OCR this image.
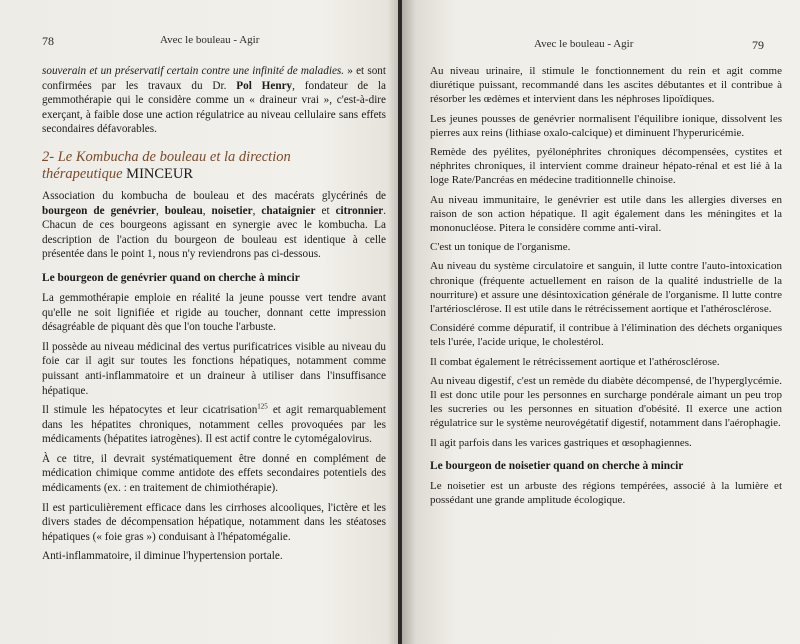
78	Avec le bouleau - Agir

souverain et un préservatif certain contre une infinité de maladies. » et sont confirmées par les travaux du Dr. Pol Henry, fondateur de la gemmothérapie qui le considère comme un « draineur vrai », c'est-à-dire exerçant, à faible dose une action régulatrice au niveau cellulaire sans effets secondaires défavorables.

2- Le Kombucha de bouleau et la direction
thérapeutique MINCEUR

Association du kombucha de bouleau et des macérats glycérinés de bourgeon de genévrier, bouleau, noisetier, chataignier et citronnier. Chacun de ces bourgeons agissant en synergie avec le kombucha. La description de l'action du bourgeon de bouleau est identique à celle présentée dans le point 1, nous n'y reviendrons pas ci-dessous.

Le bourgeon de genévrier quand on cherche à mincir

La gemmothérapie emploie en réalité la jeune pousse vert tendre avant qu'elle ne soit lignifiée et rigide au toucher, donnant cette impression désagréable de piquant dès que l'on touche l'arbuste.

Il possède au niveau médicinal des vertus purificatrices visible au niveau du foie car il agit sur toutes les fonctions hépatiques, notamment comme puissant anti-inflammatoire et un draineur à utiliser dans l'insuffisance hépatique.

Il stimule les hépatocytes et leur cicatrisation$^{125}$ et agit remarquablement dans les hépatites chroniques, notamment celles provoquées par les médicaments (hépatites iatrogènes). Il est actif contre le cytomégalovirus.

À ce titre, il devrait systématiquement être donné en complément de médication chimique comme antidote des effets secondaires potentiels des médicaments (ex. : en traitement de chimiothérapie).

Il est particulièrement efficace dans les cirrhoses alcooliques, l'ictère et les divers stades de décompensation hépatique, notamment dans les stéatoses hépatiques (« foie gras ») conduisant à l'hépatomégalie.

Anti-inflammatoire, il diminue l'hypertension portale.

Avec le bouleau - Agir	79

Au niveau urinaire, il stimule le fonctionnement du rein et agit comme diurétique puissant, recommandé dans les ascites débutantes et il contribue à résorber les œdèmes et intervient dans les néphroses lipoïdiques.

Les jeunes pousses de genévrier normalisent l'équilibre ionique, dissolvent les pierres aux reins (lithiase oxalo-calcique) et diminuent l'hyperuricémie.

Remède des pyélites, pyélonéphrites chroniques décompensées, cystites et néphrites chroniques, il intervient comme draineur hépato-rénal et est lié à la loge Rate/Pancréas en médecine traditionnelle chinoise.

Au niveau immunitaire, le genévrier est utile dans les allergies diverses en raison de son action hépatique. Il agit également dans les méningites et la mononucléose. Pitera le considère comme anti-viral.

C'est un tonique de l'organisme.

Au niveau du système circulatoire et sanguin, il lutte contre l'auto-intoxication chronique (fréquente actuellement en raison de la qualité industrielle de la nourriture) et assure une désintoxication générale de l'organisme. Il lutte contre l'artériosclérose. Il est utile dans le rétrécissement aortique et l'athérosclérose.

Considéré comme dépuratif, il contribue à l'élimination des déchets organiques tels l'urée, l'acide urique, le cholestérol.

Il combat également le rétrécissement aortique et l'athérosclérose.

Au niveau digestif, c'est un remède du diabète décompensé, de l'hyperglycémie. Il est donc utile pour les personnes en surcharge pondérale aimant un peu trop les sucreries ou les personnes en situation d'obésité. Il exerce une action régulatrice sur le système neurovégétatif digestif, notamment dans l'aérophagie.

Il agit parfois dans les varices gastriques et œsophagiennes.

Le bourgeon de noisetier quand on cherche à mincir

Le noisetier est un arbuste des régions tempérées, associé à la lumière et possédant une grande amplitude écologique.
